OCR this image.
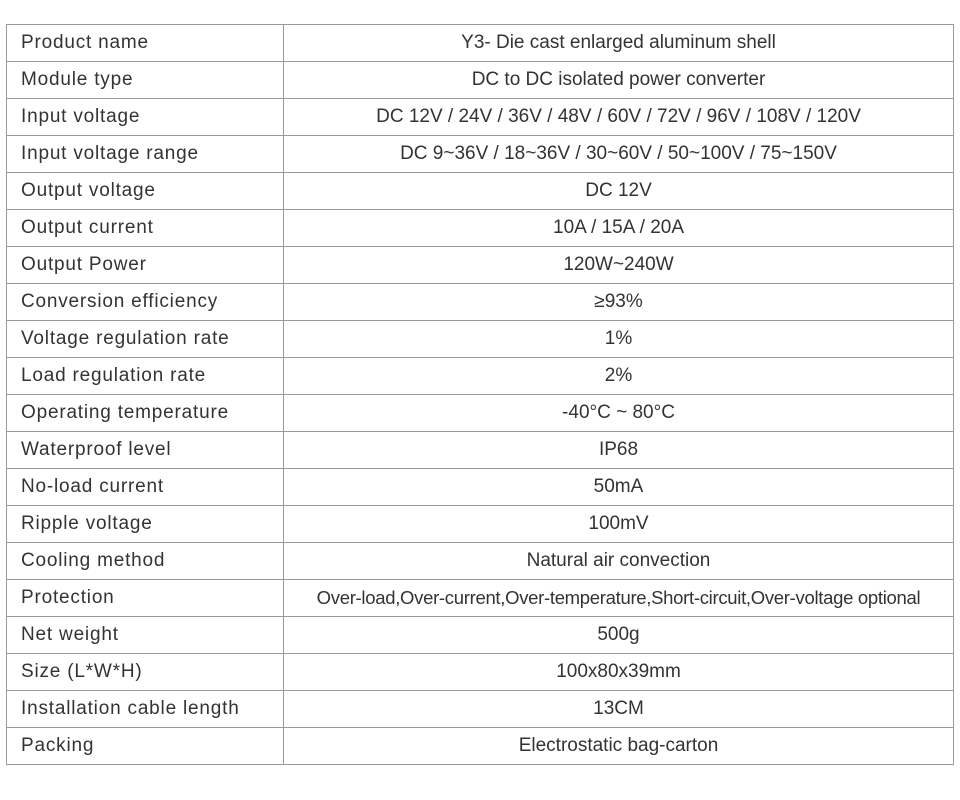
Product name	Y3- Die cast enlarged aluminum shell
Module type	DC to DC isolated power converter
Input voltage	DC 12V / 24V / 36V / 48V / 60V / 72V / 96V / 108V / 120V
Input voltage range	DC 9~36V / 18~36V / 30~60V / 50~100V / 75~150V
Output voltage	DC 12V
Output current	10A / 15A / 20A
Output Power	120W~240W
Conversion efficiency	≥93%
Voltage regulation rate	1%
Load regulation rate	2%
Operating temperature	-40°C ~ 80°C
Waterproof level	IP68
No-load current	50mA
Ripple voltage	100mV
Cooling method	Natural air convection
Protection	Over-load,Over-current,Over-temperature,Short-circuit,Over-voltage optional
Net weight	500g
Size (L*W*H)	100x80x39mm
Installation cable length	13CM
Packing	Electrostatic bag-carton
